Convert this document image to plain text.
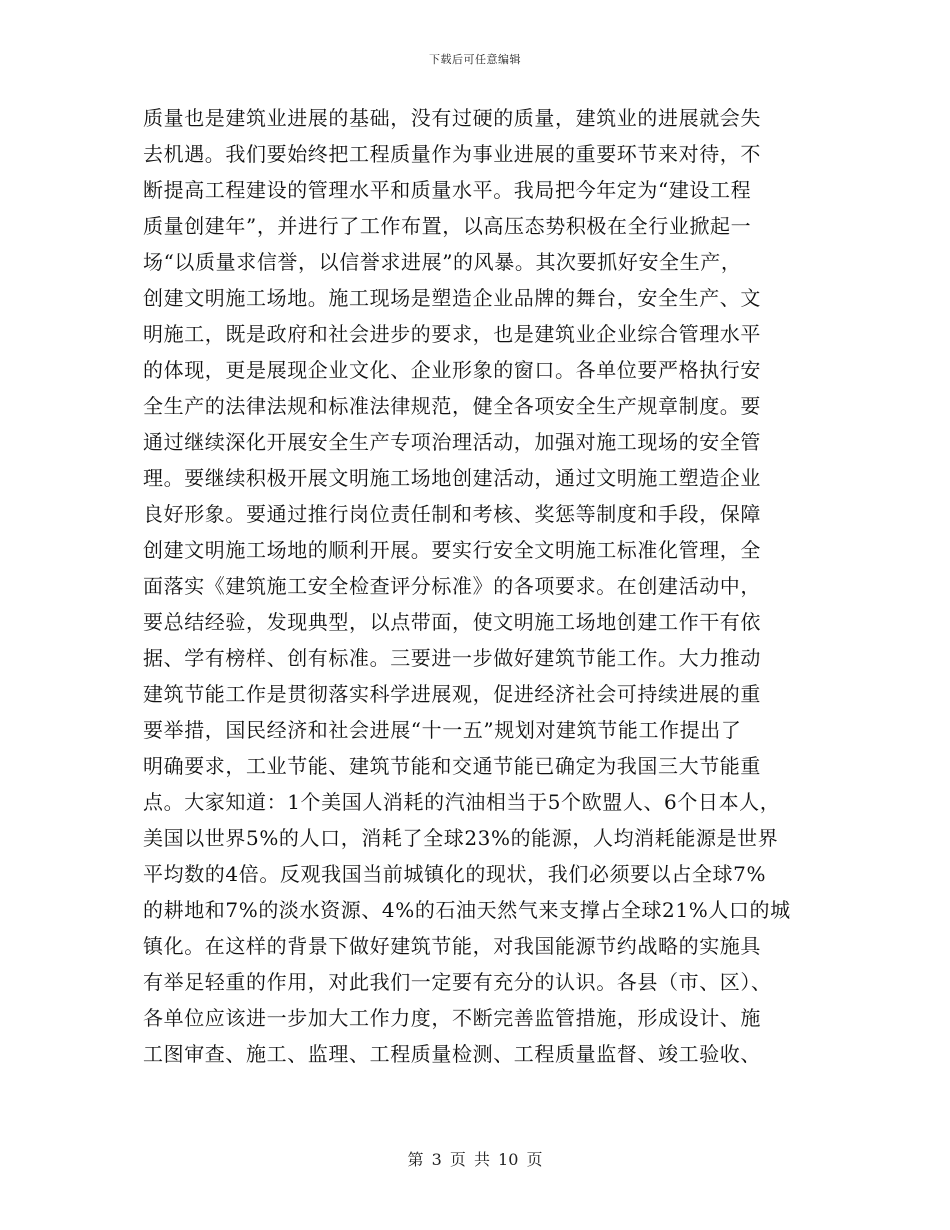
下载后可任意编辑
质量也是建筑业进展的基础，没有过硬的质量，建筑业的进展就会失
去机遇。我们要始终把工程质量作为事业进展的重要环节来对待，不
断提高工程建设的管理水平和质量水平。我局把今年定为“建设工程
质量创建年”，并进行了工作布置，以高压态势积极在全行业掀起一
场“以质量求信誉，以信誉求进展”的风暴。其次要抓好安全生产，
创建文明施工场地。施工现场是塑造企业品牌的舞台，安全生产、文
明施工，既是政府和社会进步的要求，也是建筑业企业综合管理水平
的体现，更是展现企业文化、企业形象的窗口。各单位要严格执行安
全生产的法律法规和标准法律规范，健全各项安全生产规章制度。要
通过继续深化开展安全生产专项治理活动，加强对施工现场的安全管
理。要继续积极开展文明施工场地创建活动，通过文明施工塑造企业
良好形象。要通过推行岗位责任制和考核、奖惩等制度和手段，保障
创建文明施工场地的顺利开展。要实行安全文明施工标准化管理，全
面落实《建筑施工安全检查评分标准》的各项要求。在创建活动中，
要总结经验，发现典型，以点带面，使文明施工场地创建工作干有依
据、学有榜样、创有标准。三要进一步做好建筑节能工作。大力推动
建筑节能工作是贯彻落实科学进展观，促进经济社会可持续进展的重
要举措，国民经济和社会进展“十一五”规划对建筑节能工作提出了
明确要求，工业节能、建筑节能和交通节能已确定为我国三大节能重
点。大家知道：1个美国人消耗的汽油相当于5个欧盟人、6个日本人，
美国以世界5%的人口，消耗了全球23%的能源，人均消耗能源是世界
平均数的4倍。反观我国当前城镇化的现状，我们必须要以占全球7%
的耕地和7%的淡水资源、4%的石油天然气来支撑占全球21%人口的城
镇化。在这样的背景下做好建筑节能，对我国能源节约战略的实施具
有举足轻重的作用，对此我们一定要有充分的认识。各县（市、区）、
各单位应该进一步加大工作力度，不断完善监管措施，形成设计、施
工图审查、施工、监理、工程质量检测、工程质量监督、竣工验收、
第 3 页 共 10 页
